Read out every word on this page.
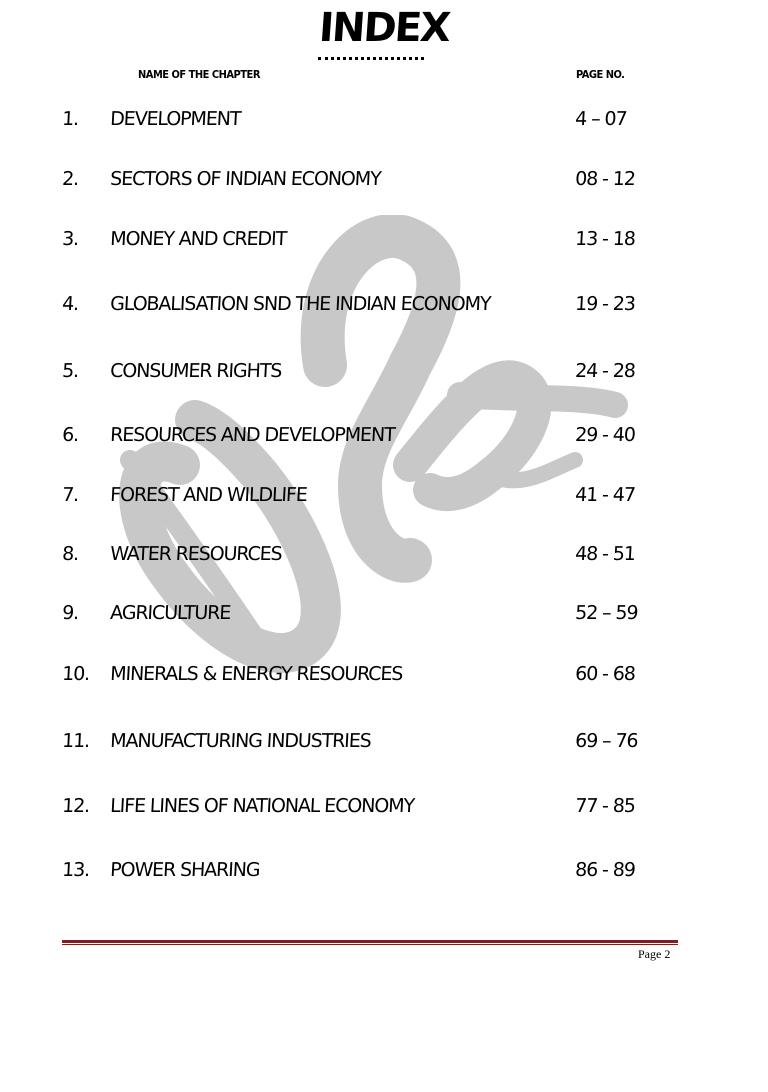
INDEX
NAME OF THE CHAPTER	PAGE NO.
1. DEVELOPMENT	4 – 07
2. SECTORS OF INDIAN ECONOMY	08 - 12
3. MONEY AND CREDIT	13 - 18
4. GLOBALISATION SND THE INDIAN ECONOMY	19 - 23
5. CONSUMER RIGHTS	24 - 28
6. RESOURCES AND DEVELOPMENT	29 - 40
7. FOREST AND WILDLIFE	41 - 47
8. WATER RESOURCES	48 - 51
9. AGRICULTURE	52 – 59
10. MINERALS & ENERGY RESOURCES	60 - 68
11. MANUFACTURING INDUSTRIES	69 – 76
12. LIFE LINES OF NATIONAL ECONOMY	77 - 85
13. POWER SHARING	86 - 89
Page 2
